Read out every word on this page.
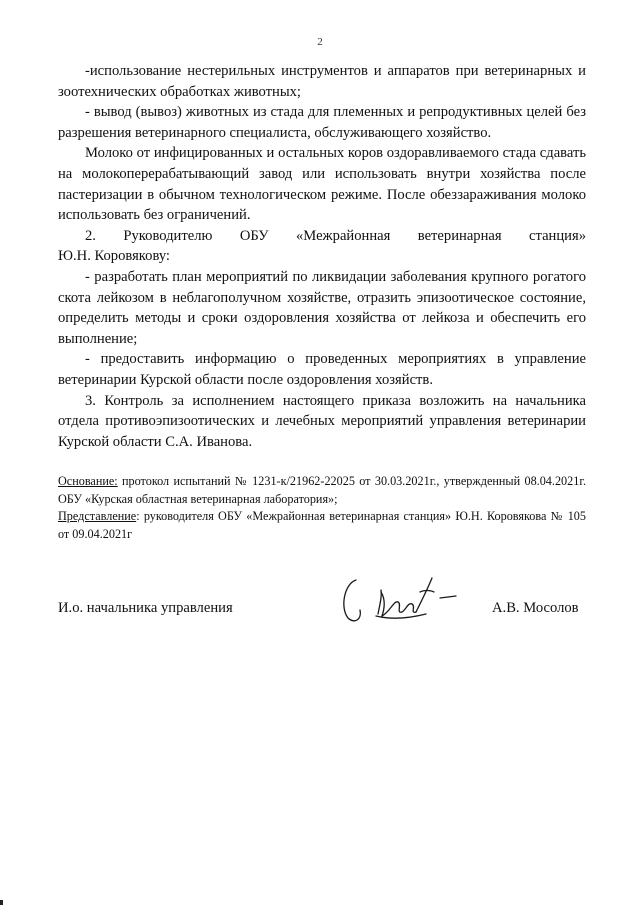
2

-использование нестерильных инструментов и аппаратов при ветеринарных и зоотехнических обработках животных;

- вывод (вывоз) животных из стада для племенных и репродуктивных целей без разрешения ветеринарного специалиста, обслуживающего хозяйство.

Молоко от инфицированных и остальных коров оздоравливаемого стада сдавать на молокоперерабатывающий завод или использовать внутри хозяйства после пастеризации в обычном технологическом режиме. После обеззараживания молоко использовать без ограничений.

2. Руководителю ОБУ «Межрайонная ветеринарная станция»

Ю.Н. Коровякову:

- разработать план мероприятий по ликвидации заболевания крупного рогатого скота лейкозом в неблагополучном хозяйстве, отразить эпизоотическое состояние, определить методы и сроки оздоровления хозяйства от лейкоза и обеспечить его выполнение;

- предоставить информацию о проведенных мероприятиях в управление ветеринарии Курской области после оздоровления хозяйств.

3. Контроль за исполнением настоящего приказа возложить на начальника отдела противоэпизоотических и лечебных мероприятий управления ветеринарии Курской области С.А. Иванова.

Основание: протокол испытаний № 1231-к/21962-22025 от 30.03.2021г., утвержденный 08.04.2021г. ОБУ «Курская областная ветеринарная лаборатория»;

Представление: руководителя ОБУ «Межрайонная ветеринарная станция» Ю.Н. Коровякова № 105 от 09.04.2021г

И.о. начальника управления	А.В. Мосолов
